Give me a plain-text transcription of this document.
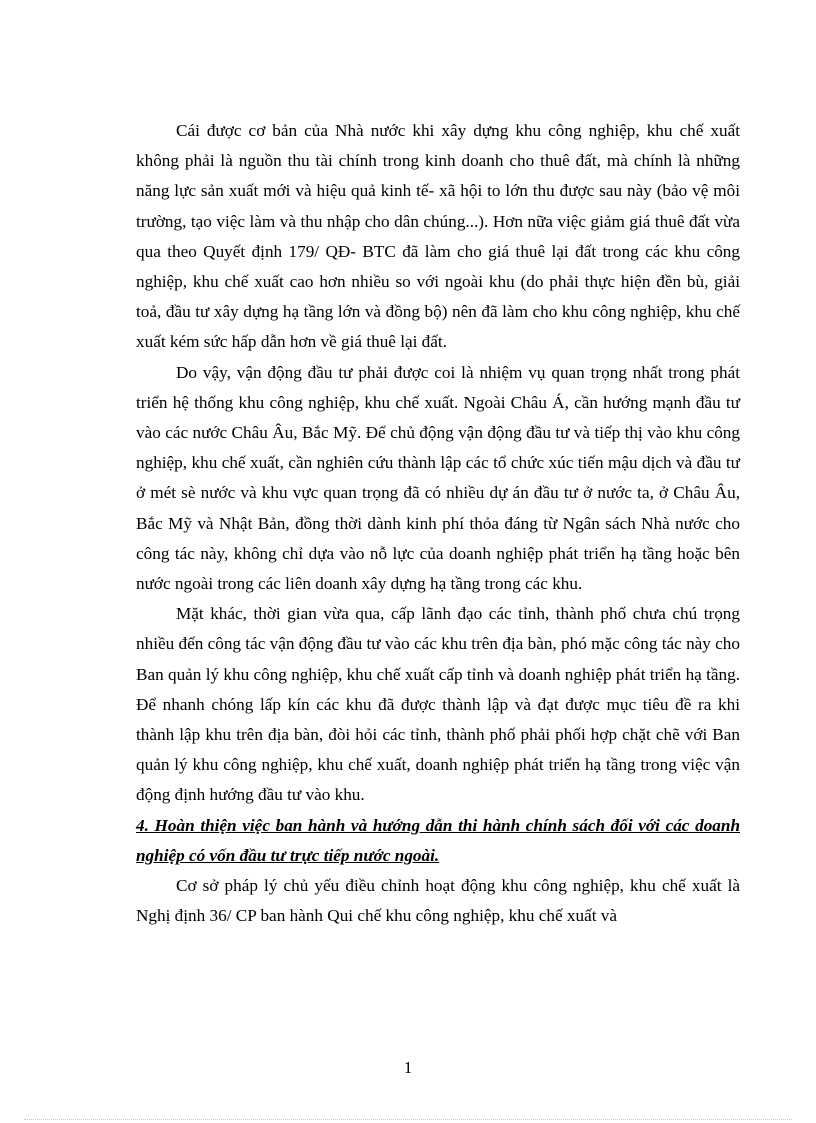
Cái được cơ bản của Nhà nước khi xây dựng khu công nghiệp, khu chế xuất không phải là nguồn thu tài chính trong kinh doanh cho thuê đất, mà chính là những năng lực sản xuất mới và hiệu quả kinh tế- xã hội to lớn thu được sau này (bảo vệ môi trường, tạo việc làm và thu nhập cho dân chúng...). Hơn nữa việc giảm giá thuê đất vừa qua theo Quyết định 179/ QĐ- BTC đã làm cho giá thuê lại đất trong các khu công nghiệp, khu chế xuất cao hơn nhiều so với ngoài khu (do phải thực hiện đền bù, giải toả, đầu tư xây dựng hạ tầng lớn và đồng bộ) nên đã làm cho khu công nghiệp, khu chế xuất kém sức hấp dẫn hơn về giá thuê lại đất.

Do vậy, vận động đầu tư phải được coi là nhiệm vụ quan trọng nhất trong phát triển hệ thống khu công nghiệp, khu chế xuất. Ngoài Châu Á, cần hướng mạnh đầu tư vào các nước Châu Âu, Bắc Mỹ. Để chủ động vận động đầu tư và tiếp thị vào khu công nghiệp, khu chế xuất, cần nghiên cứu thành lập các tổ chức xúc tiến mậu dịch và đầu tư ở mét sè nước và khu vực quan trọng đã có nhiều dự án đầu tư ở nước ta, ở Châu Âu, Bắc Mỹ và Nhật Bản, đồng thời dành kinh phí thỏa đáng từ Ngân sách Nhà nước cho công tác này, không chỉ dựa vào nỗ lực của doanh nghiệp phát triển hạ tầng hoặc bên nước ngoài trong các liên doanh xây dựng hạ tầng trong các khu.

Mặt khác, thời gian vừa qua, cấp lãnh đạo các tỉnh, thành phố chưa chú trọng nhiều đến công tác vận động đầu tư vào các khu trên địa bàn, phó mặc công tác này cho Ban quản lý khu công nghiệp, khu chế xuất cấp tỉnh và doanh nghiệp phát triển hạ tầng. Để nhanh chóng lấp kín các khu đã được thành lập và đạt được mục tiêu đề ra khi thành lập khu trên địa bàn, đòi hỏi các tỉnh, thành phố phải phối hợp chặt chẽ với Ban quản lý khu công nghiệp, khu chế xuất, doanh nghiệp phát triển hạ tầng trong việc vận động định hướng đầu tư vào khu.

4. Hoàn thiện việc ban hành và hướng dẫn thi hành chính sách đối với các doanh nghiệp có vốn đầu tư trực tiếp nước ngoài.

Cơ sở pháp lý chủ yếu điều chỉnh hoạt động khu công nghiệp, khu chế xuất là Nghị định 36/ CP ban hành Qui chế khu công nghiệp, khu chế xuất và

1
